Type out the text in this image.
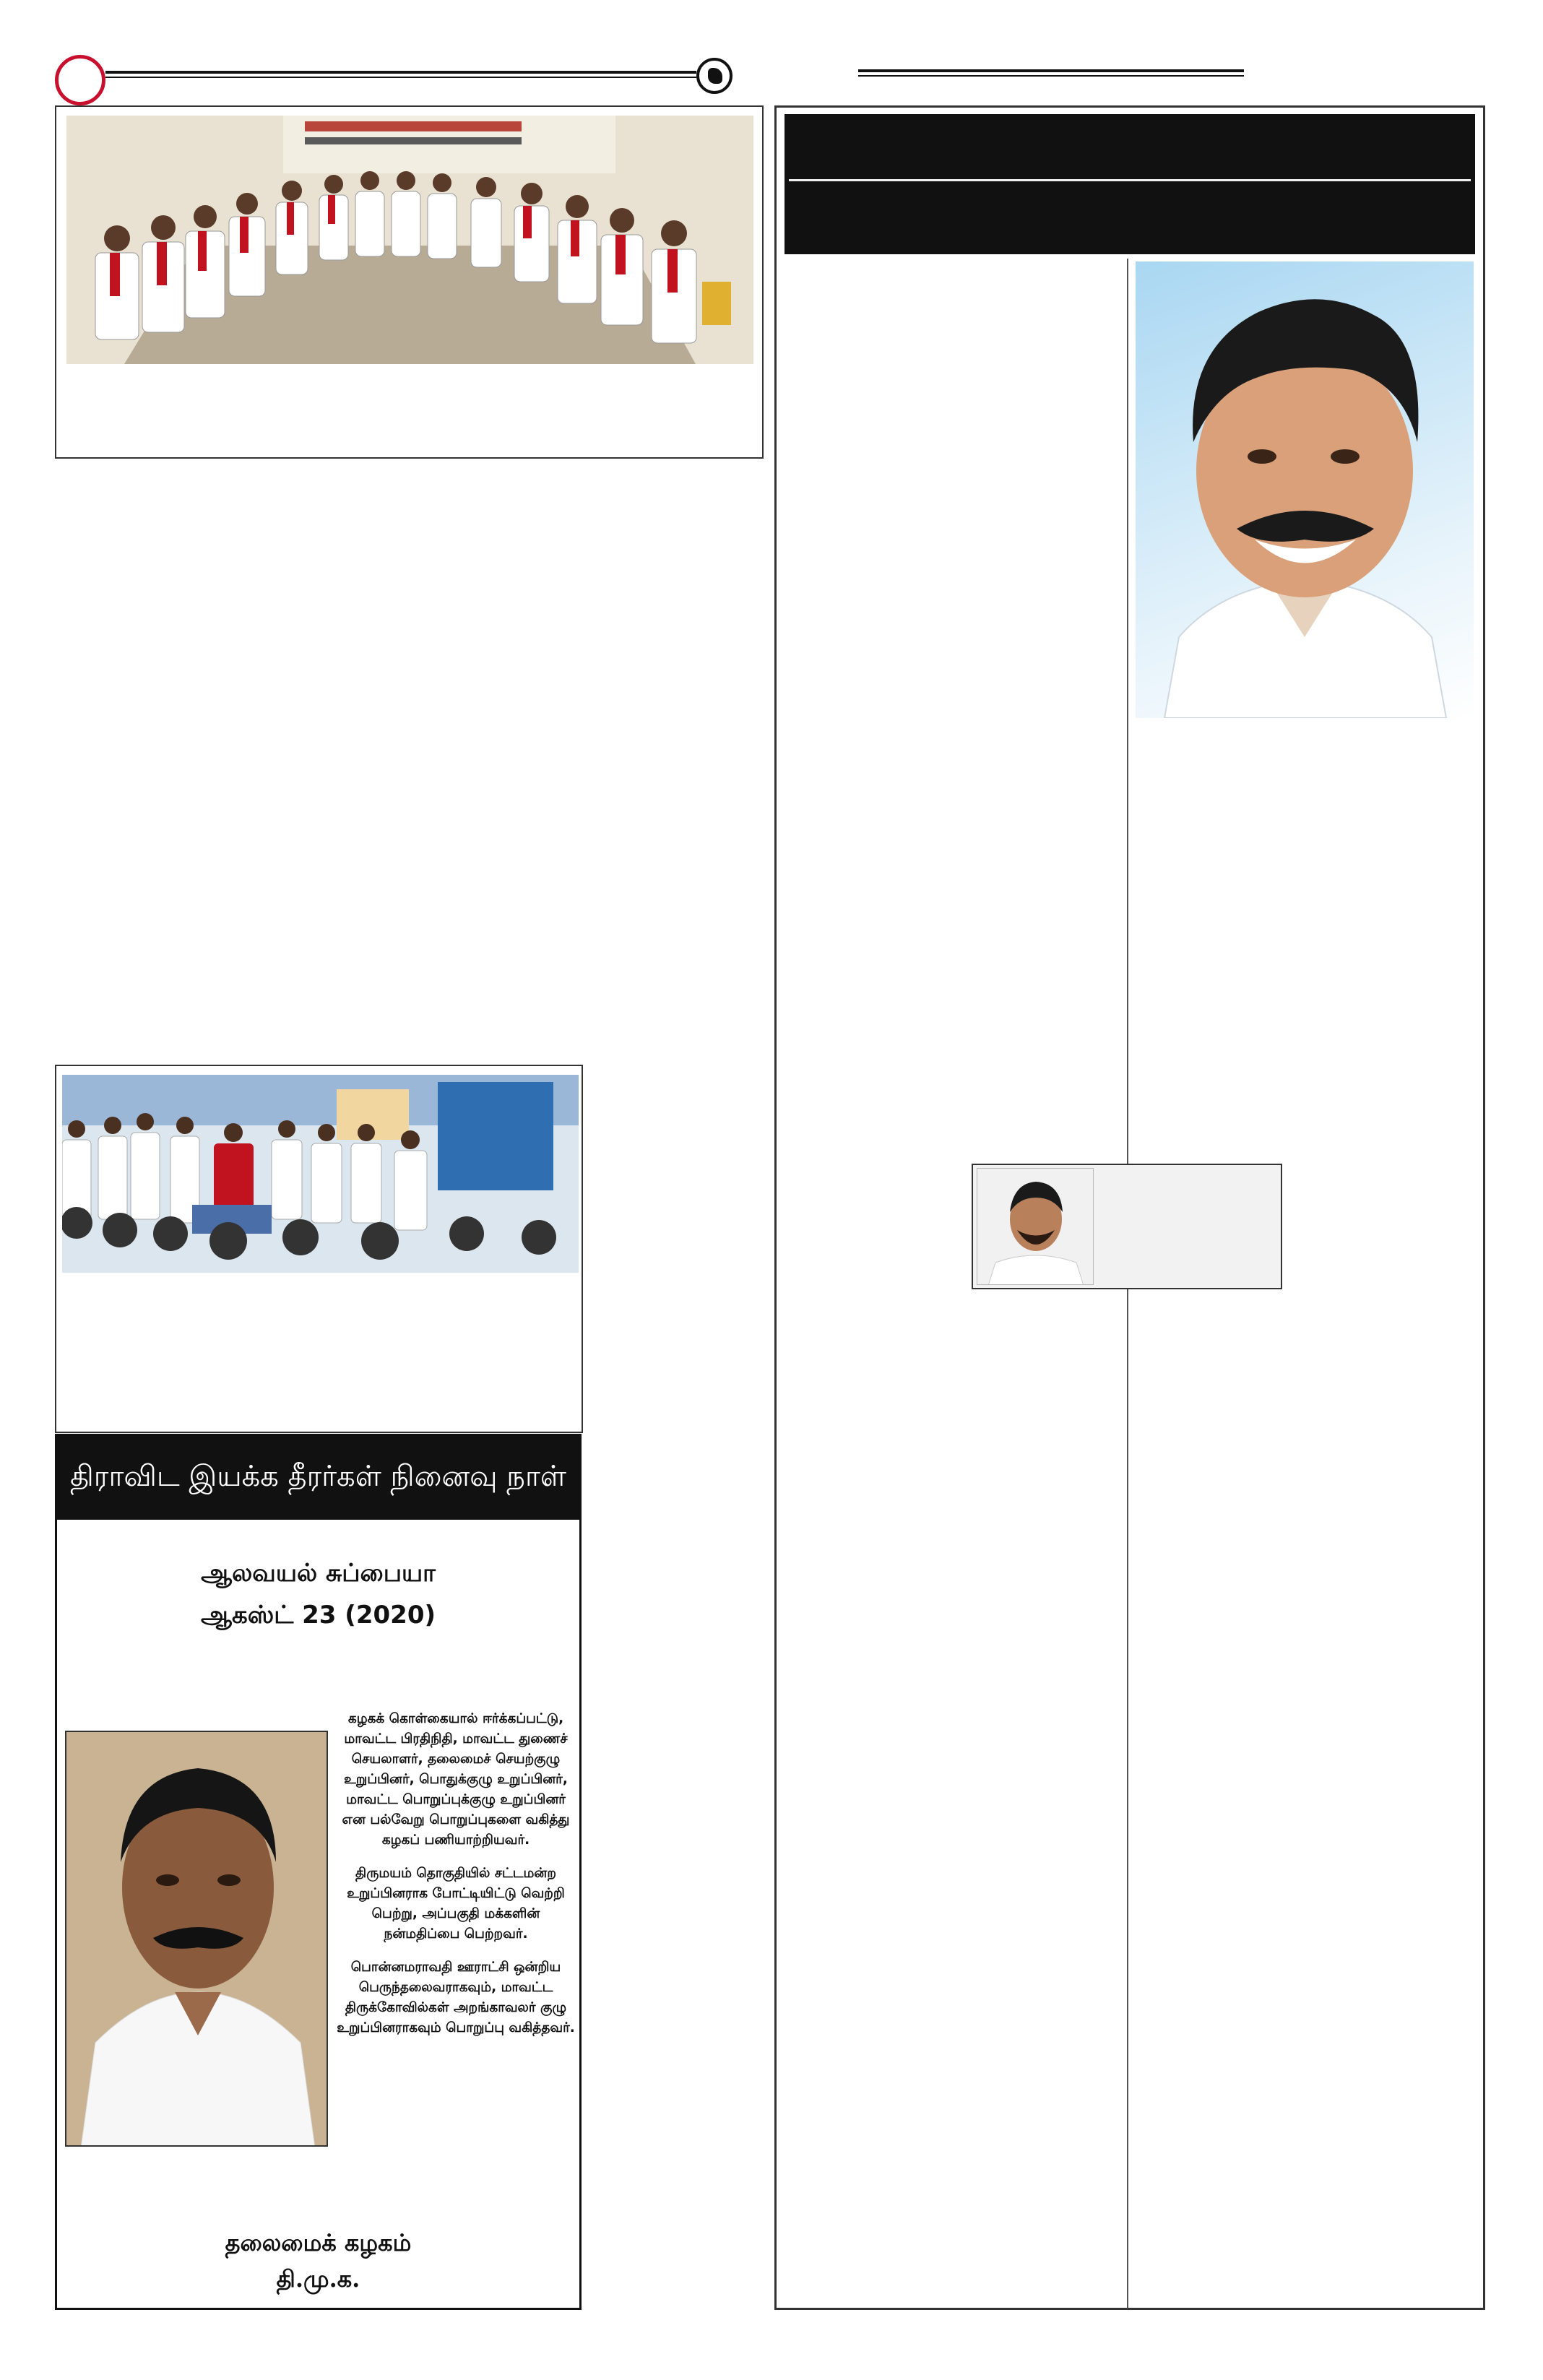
திராவிட இயக்க தீரர்கள் நினைவு நாள்
ஆலவயல் சுப்பையா
ஆகஸ்ட் 23 (2020)

கழகக் கொள்கையால் ஈர்க்கப்பட்டு, மாவட்ட பிரதிநிதி, மாவட்ட துணைச் செயலாளர், தலைமைச் செயற்குழு உறுப்பினர், பொதுக்குழு உறுப்பினர், மாவட்ட பொறுப்புக்குழு உறுப்பினர் என பல்வேறு பொறுப்புகளை வகித்து கழகப் பணியாற்றியவர்.

திருமயம் தொகுதியில் சட்டமன்ற உறுப்பினராக போட்டியிட்டு வெற்றி பெற்று, அப்பகுதி மக்களின் நன்மதிப்பை பெற்றவர்.

பொன்னமராவதி ஊராட்சி ஒன்றிய பெருந்தலைவராகவும், மாவட்ட திருக்கோவில்கள் அறங்காவலர் குழு உறுப்பினராகவும் பொறுப்பு வகித்தவர்.

தலைமைக் கழகம்
தி.மு.க.
